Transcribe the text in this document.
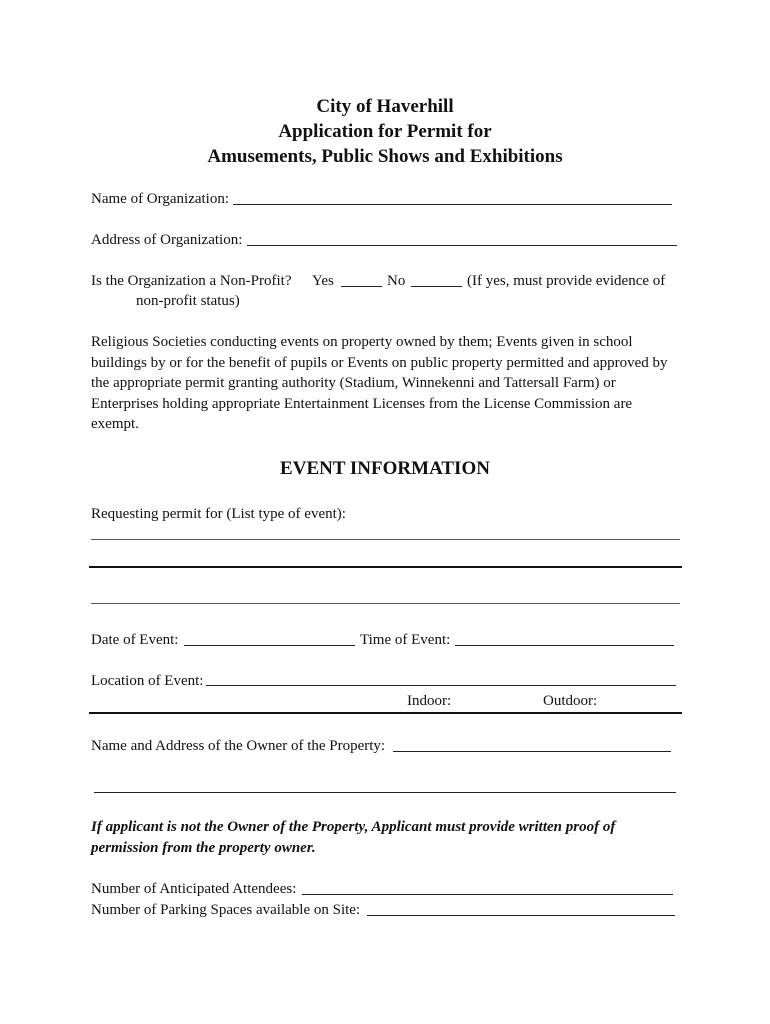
City of Haverhill
Application for Permit for
Amusements, Public Shows and Exhibitions
Name of Organization:
Address of Organization:
Is the Organization a Non-Profit? Yes	No	(If yes, must provide evidence of
non-profit status)
Religious Societies conducting events on property owned by them; Events given in school buildings by or for the benefit of pupils or Events on public property permitted and approved by the appropriate permit granting authority (Stadium, Winnekenni and Tattersall Farm) or Enterprises holding appropriate Entertainment Licenses from the License Commission are exempt.
EVENT INFORMATION
Requesting permit for (List type of event):
Date of Event:	Time of Event:
Location of Event:
Indoor:	Outdoor:
Name and Address of the Owner of the Property:
If applicant is not the Owner of the Property, Applicant must provide written proof of permission from the property owner.
Number of Anticipated Attendees:
Number of Parking Spaces available on Site:
